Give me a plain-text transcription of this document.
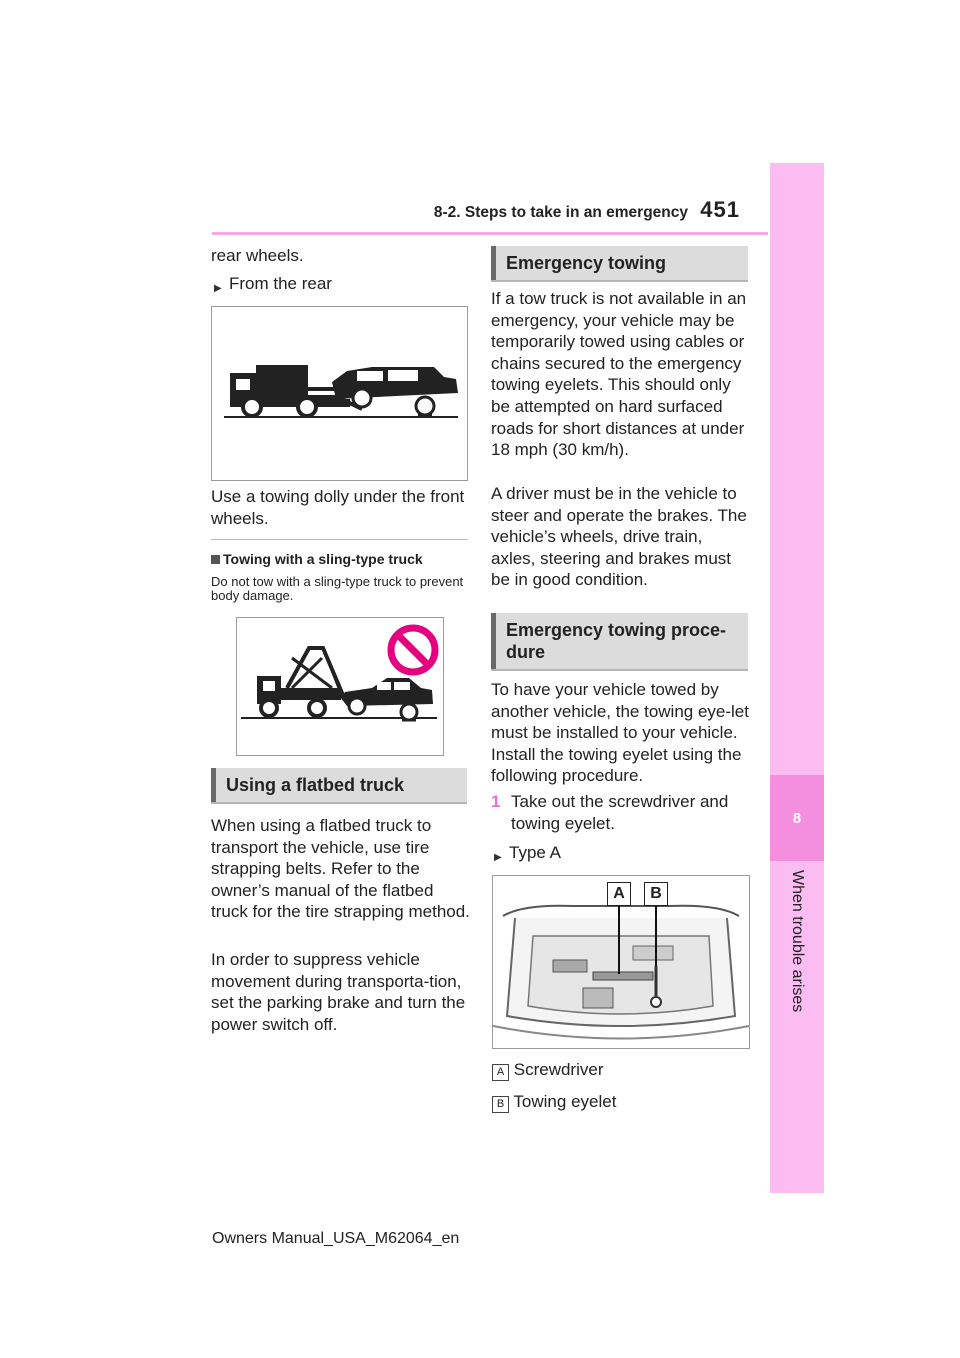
8-2. Steps to take in an emergency 451
8
When trouble arises
rear wheels.
▶ From the rear
Use a towing dolly under the front wheels.
Towing with a sling-type truck
Do not tow with a sling-type truck to prevent body damage.
Using a flatbed truck
When using a flatbed truck to transport the vehicle, use tire strapping belts. Refer to the owner’s manual of the flatbed truck for the tire strapping method.
In order to suppress vehicle movement during transporta-tion, set the parking brake and turn the power switch off.
Emergency towing
If a tow truck is not available in an emergency, your vehicle may be temporarily towed using cables or chains secured to the emergency towing eyelets. This should only be attempted on hard surfaced roads for short distances at under 18 mph (30 km/h).
A driver must be in the vehicle to steer and operate the brakes. The vehicle’s wheels, drive train, axles, steering and brakes must be in good condition.
Emergency towing proce-
dure
To have your vehicle towed by another vehicle, the towing eye-let must be installed to your vehicle. Install the towing eyelet using the following procedure.
1 Take out the screwdriver and towing eyelet.
▶ Type A
A	B
A Screwdriver
B Towing eyelet
Owners Manual_USA_M62064_en
